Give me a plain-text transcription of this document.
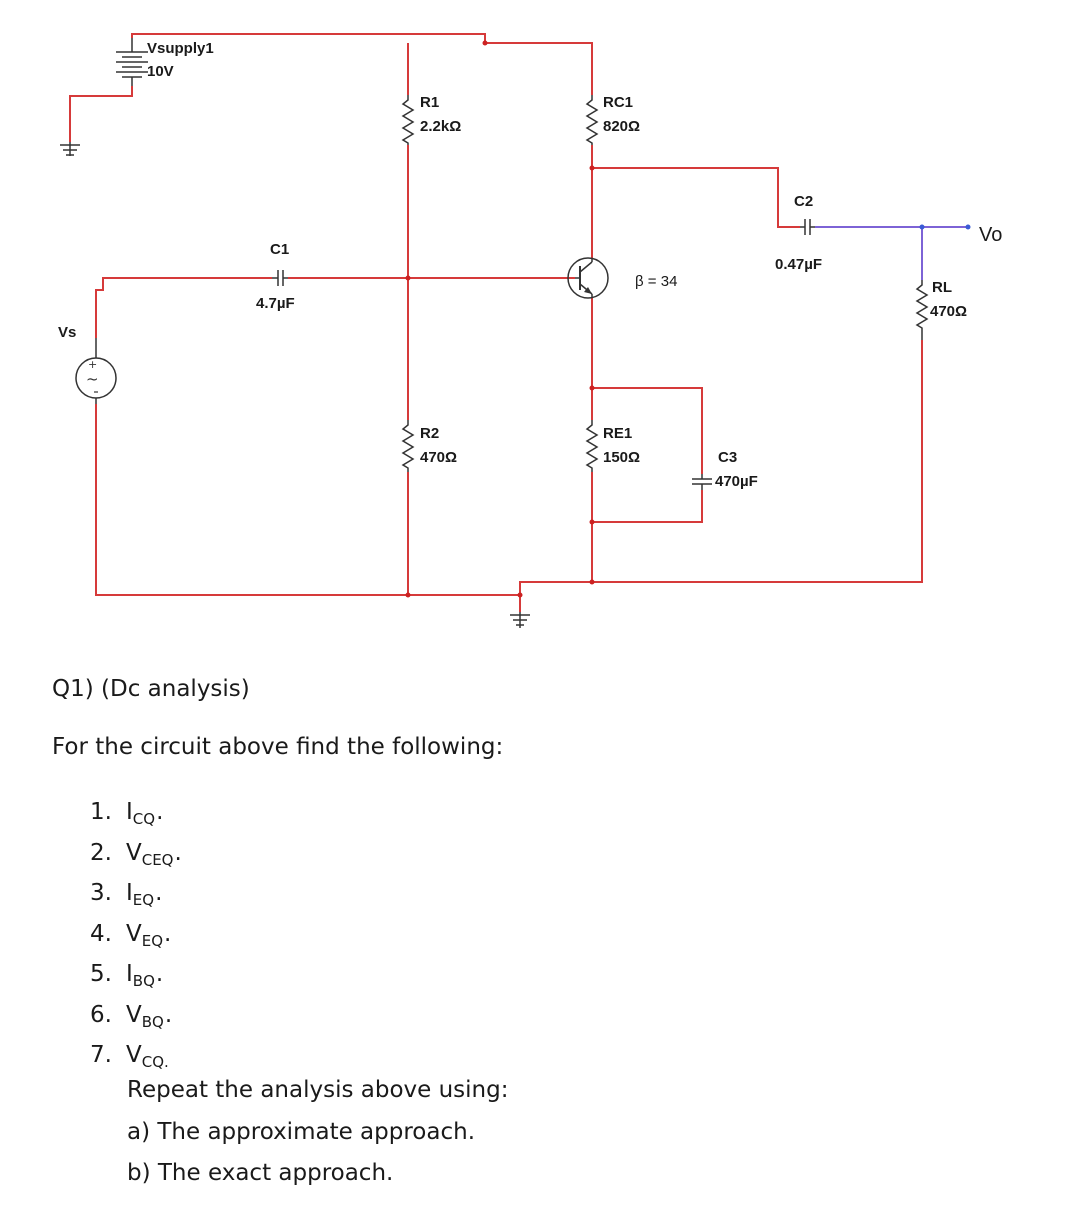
+
~
Vsupply1
10V
R1
2.2kΩ
RC1
820Ω
C2
0.47µF
Vo
C1
4.7µF
β = 34	RL
470Ω
Vs
R2
470Ω
RE1
150Ω	C3
470µF
Q1) (Dc analysis)
For the circuit above find the following:
1. $I_{CQ}$.
2. $V_{CEQ}$.
3. $I_{EQ}$.
4. $V_{EQ}$.
5. $I_{BQ}$.
6. $V_{BQ}$.
7. $V_{CQ.}$
Repeat the analysis above using:
a) The approximate approach.
b) The exact approach.
